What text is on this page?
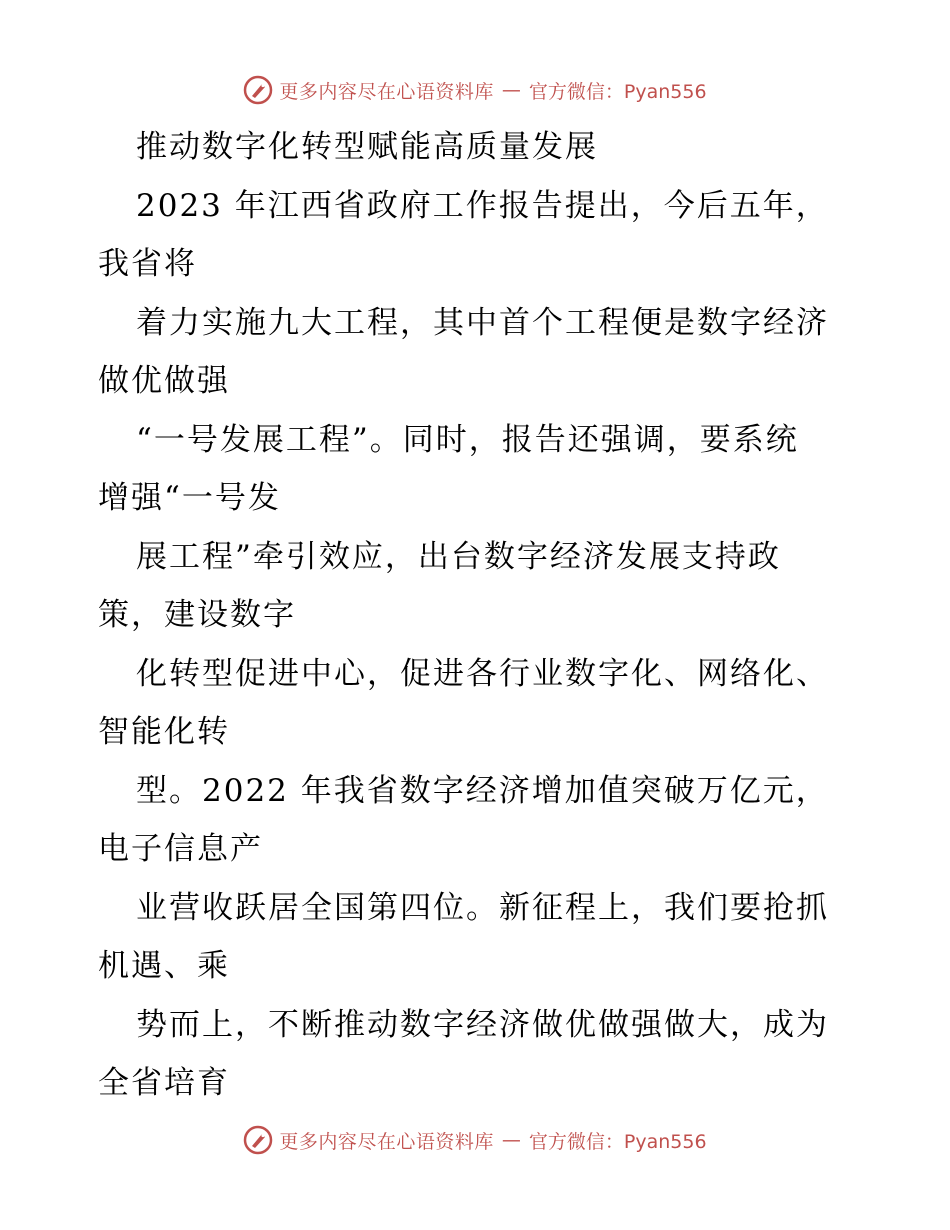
更多内容尽在心语资料库 — 官方微信：Pyan556
推动数字化转型赋能高质量发展
2023 年江西省政府工作报告提出，今后五年，
我省将
着力实施九大工程，其中首个工程便是数字经济
做优做强
“一号发展工程”。同时，报告还强调，要系统
增强“一号发
展工程”牵引效应，出台数字经济发展支持政
策，建设数字
化转型促进中心，促进各行业数字化、网络化、
智能化转
型。2022 年我省数字经济增加值突破万亿元，
电子信息产
业营收跃居全国第四位。新征程上，我们要抢抓
机遇、乘
势而上，不断推动数字经济做优做强做大，成为
全省培育
更多内容尽在心语资料库 — 官方微信：Pyan556
